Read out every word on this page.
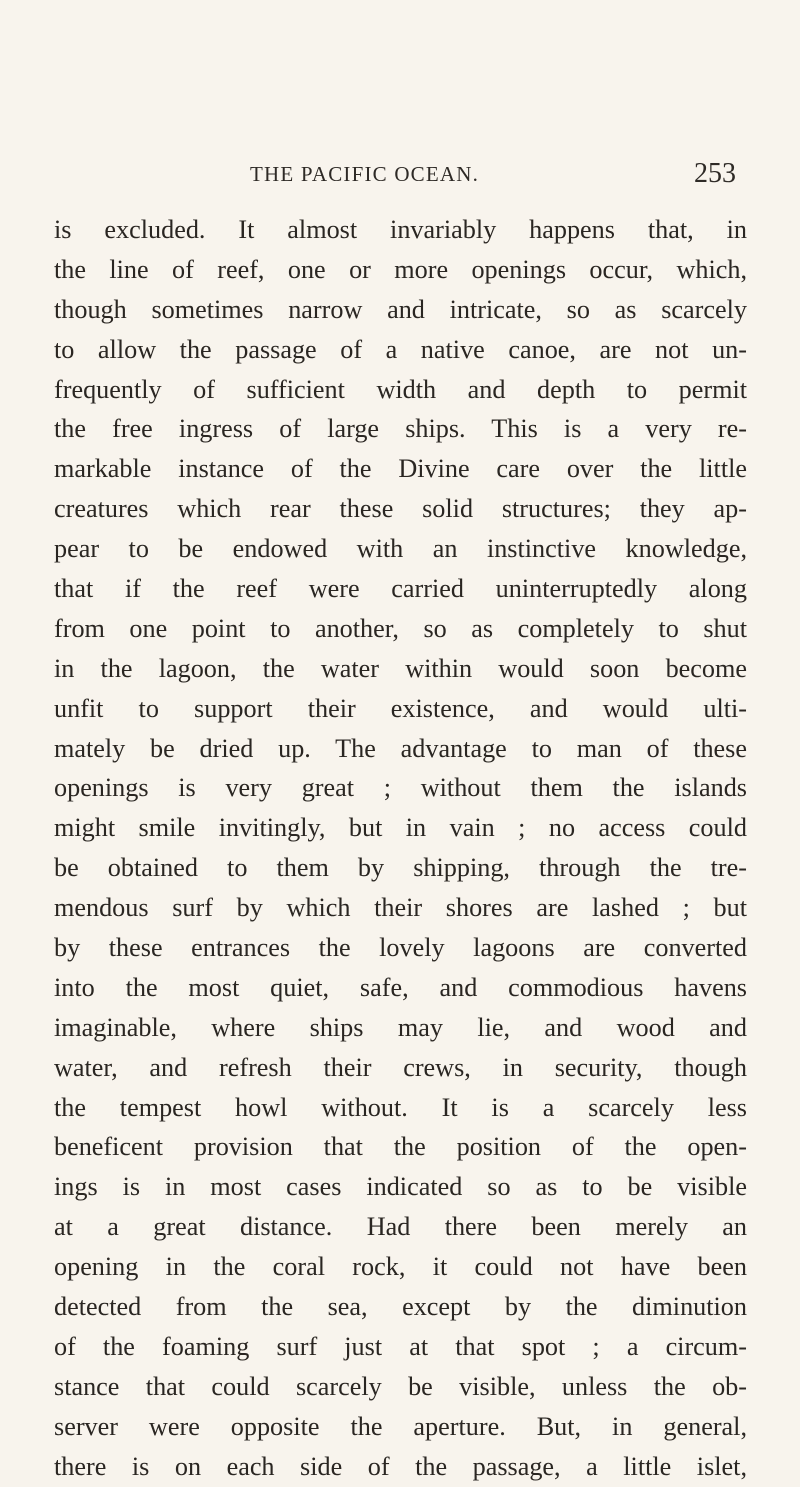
THE PACIFIC OCEAN.	253
is excluded. It almost invariably happens that, in
the line of reef, one or more openings occur, which,
though sometimes narrow and intricate, so as scarcely
to allow the passage of a native canoe, are not un-
frequently of sufficient width and depth to permit
the free ingress of large ships. This is a very re-
markable instance of the Divine care over the little
creatures which rear these solid structures; they ap-
pear to be endowed with an instinctive knowledge,
that if the reef were carried uninterruptedly along
from one point to another, so as completely to shut
in the lagoon, the water within would soon become
unfit to support their existence, and would ulti-
mately be dried up. The advantage to man of these
openings is very great ; without them the islands
might smile invitingly, but in vain ; no access could
be obtained to them by shipping, through the tre-
mendous surf by which their shores are lashed ; but
by these entrances the lovely lagoons are converted
into the most quiet, safe, and commodious havens
imaginable, where ships may lie, and wood and
water, and refresh their crews, in security, though
the tempest howl without. It is a scarcely less
beneficent provision that the position of the open-
ings is in most cases indicated so as to be visible
at a great distance. Had there been merely an
opening in the coral rock, it could not have been
detected from the sea, except by the diminution
of the foaming surf just at that spot ; a circum-
stance that could scarcely be visible, unless the ob-
server were opposite the aperture. But, in general,
there is on each side of the passage, a little islet,
